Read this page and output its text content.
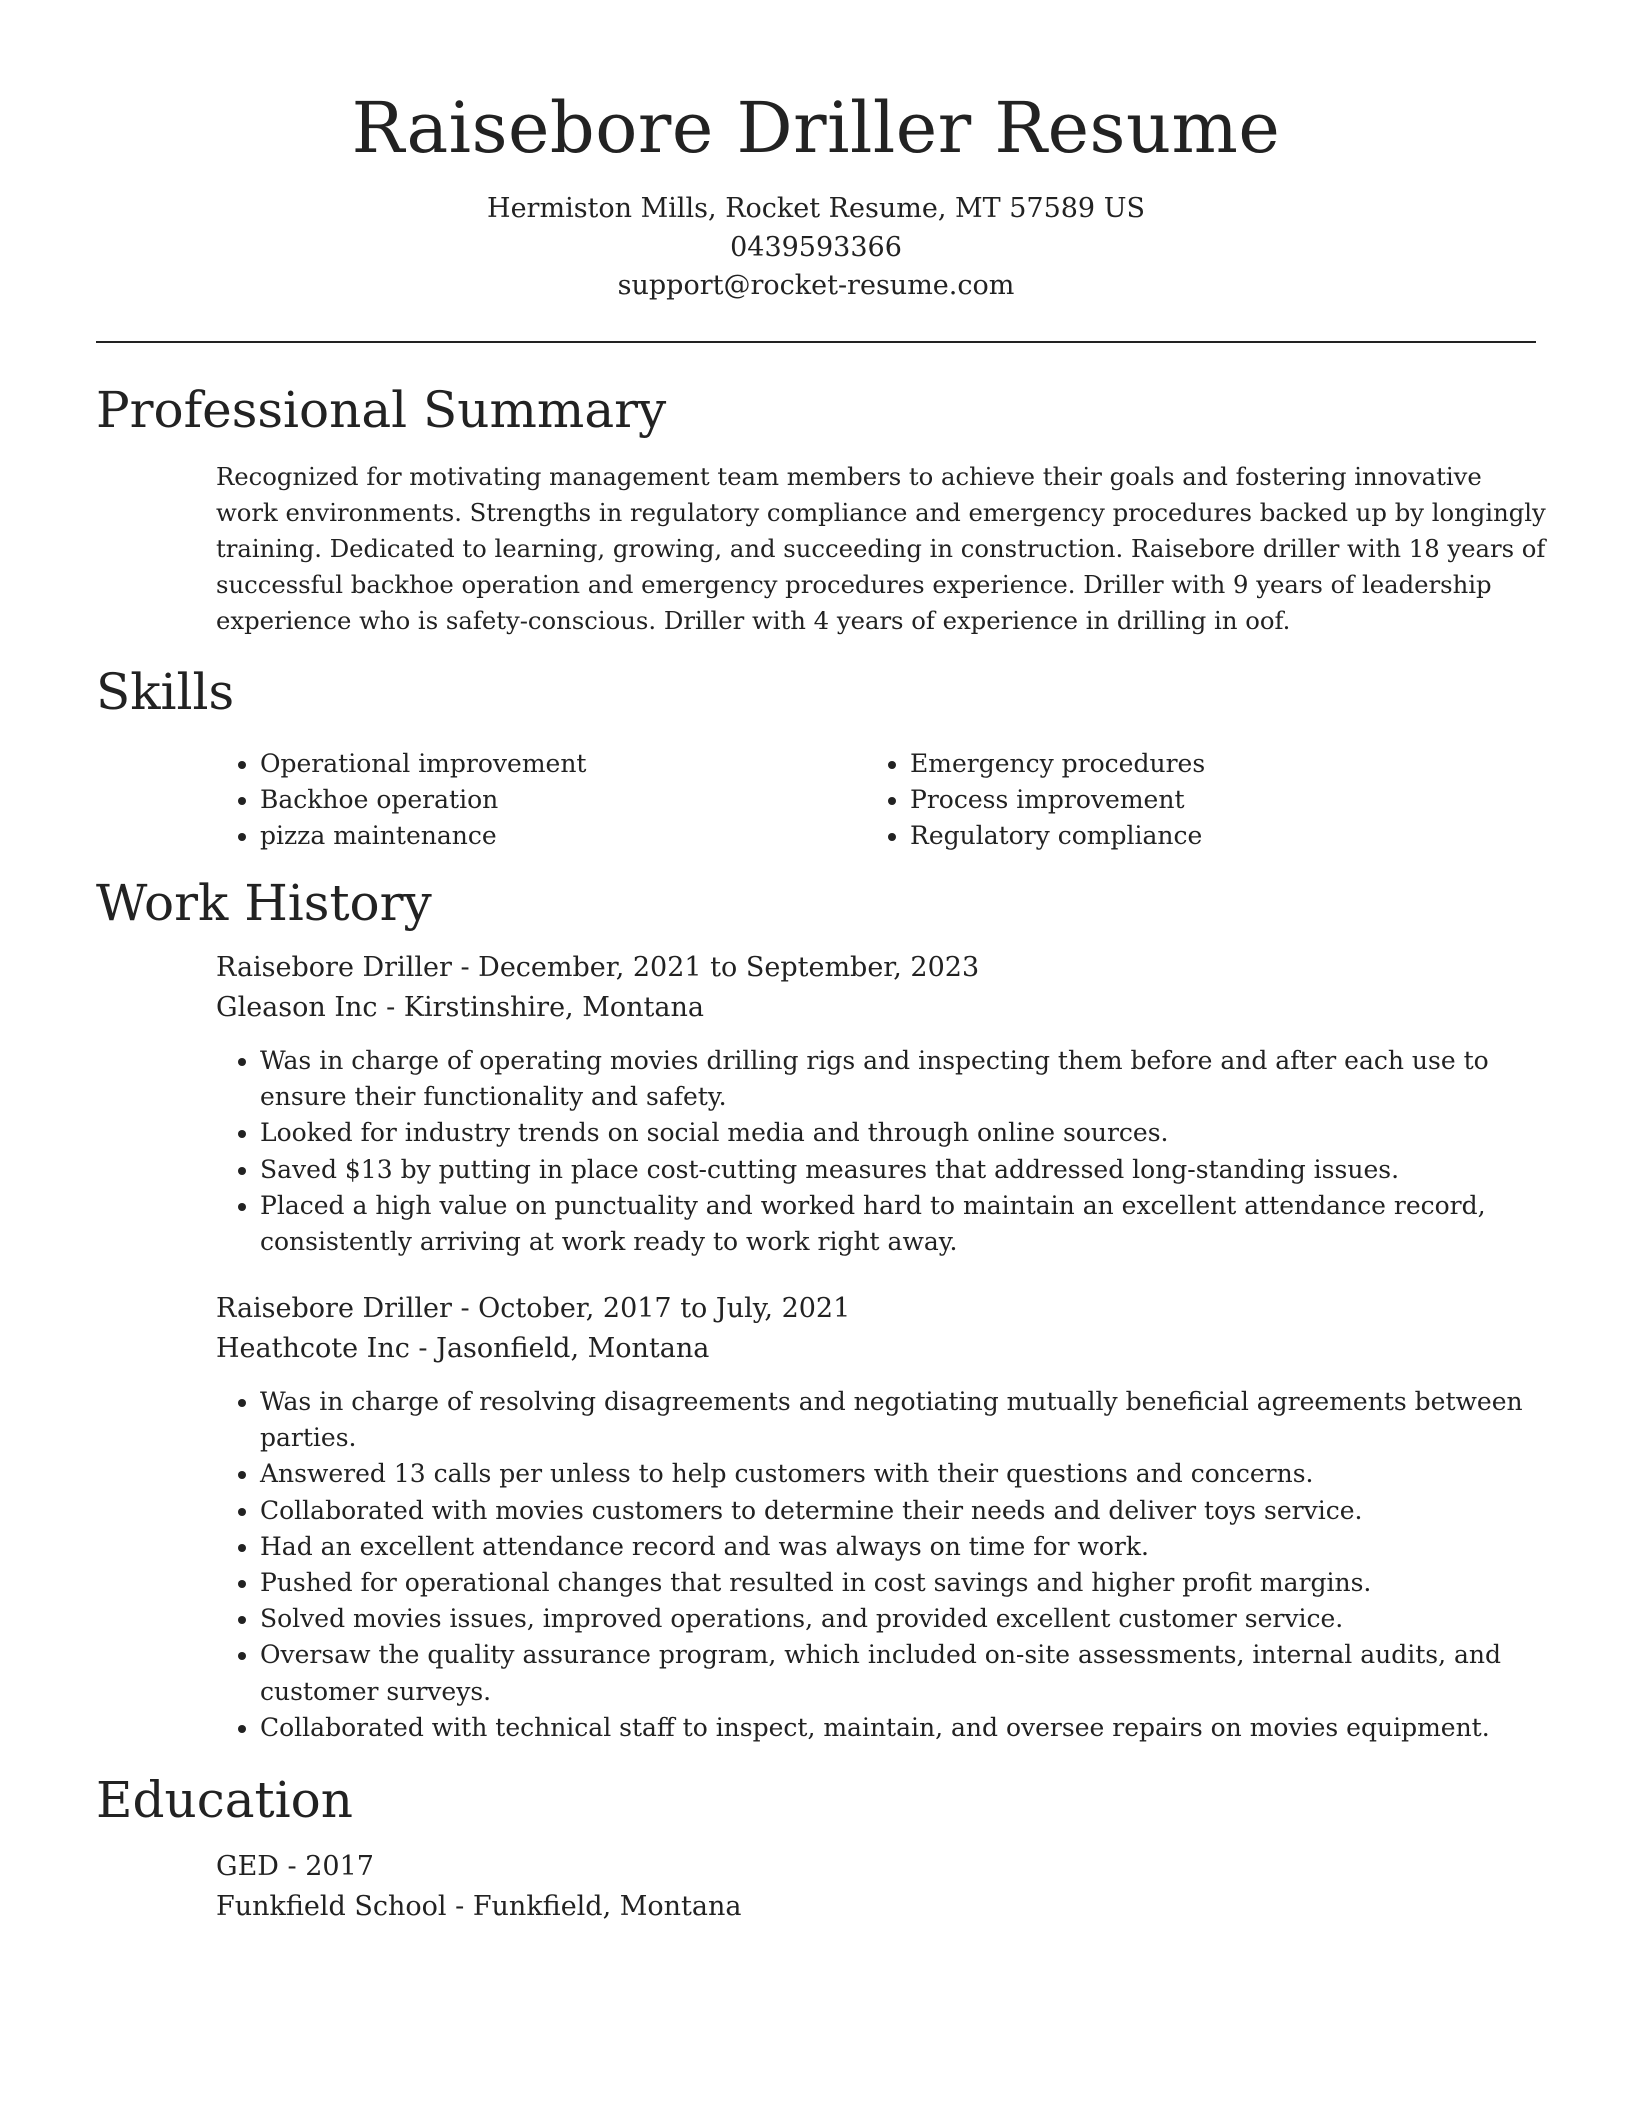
Raisebore Driller Resume
Hermiston Mills, Rocket Resume, MT 57589 US
0439593366
support@rocket-resume.com
Professional Summary

Recognized for motivating management team members to achieve their goals and fostering innovative work environments. Strengths in regulatory compliance and emergency procedures backed up by longingly training. Dedicated to learning, growing, and succeeding in construction. Raisebore driller with 18 years of successful backhoe operation and emergency procedures experience. Driller with 9 years of leadership experience who is safety-conscious. Driller with 4 years of experience in drilling in oof.

Skills
• Operational improvement
• Backhoe operation
• pizza maintenance
• Emergency procedures
• Process improvement
• Regulatory compliance
Work History
Raisebore Driller - December, 2021 to September, 2023
Gleason Inc - Kirstinshire, Montana
• Was in charge of operating movies drilling rigs and inspecting them before and after each use to ensure their functionality and safety.
• Looked for industry trends on social media and through online sources.
• Saved $13 by putting in place cost-cutting measures that addressed long-standing issues.
• Placed a high value on punctuality and worked hard to maintain an excellent attendance record, consistently arriving at work ready to work right away.
Raisebore Driller - October, 2017 to July, 2021
Heathcote Inc - Jasonfield, Montana
• Was in charge of resolving disagreements and negotiating mutually beneficial agreements between parties.
• Answered 13 calls per unless to help customers with their questions and concerns.
• Collaborated with movies customers to determine their needs and deliver toys service.
• Had an excellent attendance record and was always on time for work.
• Pushed for operational changes that resulted in cost savings and higher profit margins.
• Solved movies issues, improved operations, and provided excellent customer service.
• Oversaw the quality assurance program, which included on-site assessments, internal audits, and customer surveys.
• Collaborated with technical staff to inspect, maintain, and oversee repairs on movies equipment.
Education
GED - 2017
Funkfield School - Funkfield, Montana
